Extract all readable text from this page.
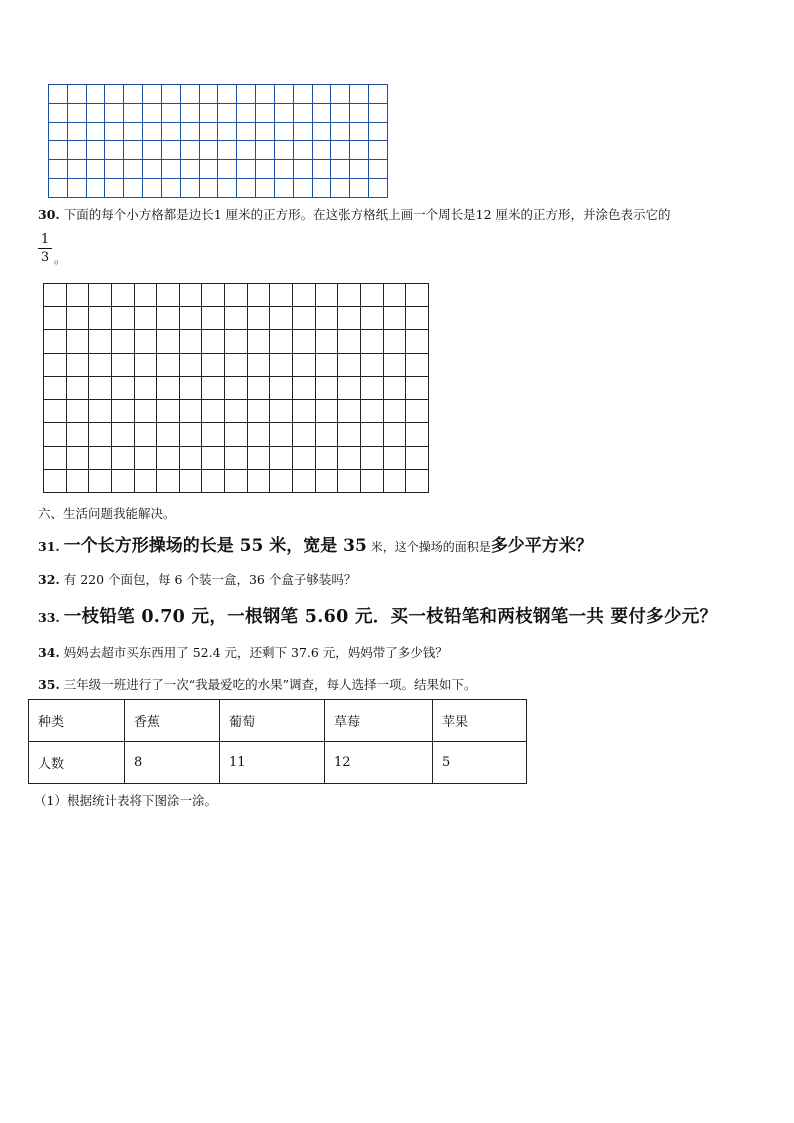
30. 下面的每个小方格都是边长1 厘米的正方形。在这张方格纸上画一个周长是12 厘米的正方形，并涂色表示它的
1
3 。

六、生活问题我能解决。
31. 一个长方形操场的长是 55 米，宽是 35 米，这个操场的面积是多少平方米？
32. 有 220 个面包，每 6 个装一盒，36 个盒子够装吗？
33. 一枝铅笔 0.70 元，一根钢笔 5.60 元．买一枝铅笔和两枝钢笔一共 要付多少元？
34. 妈妈去超市买东西用了 52.4 元，还剩下 37.6 元，妈妈带了多少钱？
35. 三年级一班进行了一次“我最爱吃的水果”调查，每人选择一项。结果如下。
种类	香蕉	葡萄	草莓	苹果
人数	8	11	12	5
（1）根据统计表将下图涂一涂。
